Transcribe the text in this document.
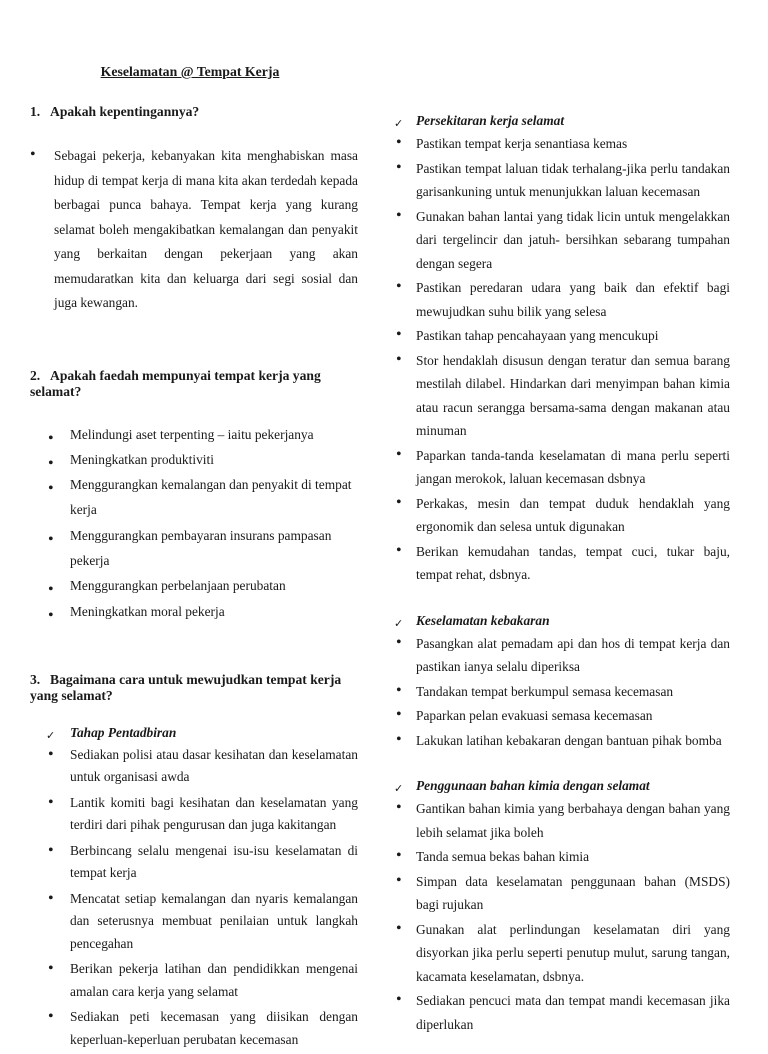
Keselamatan @ Tempat Kerja
1. Apakah kepentingannya?
•
Sebagai pekerja, kebanyakan kita menghabiskan masa hidup di tempat kerja di mana kita akan terdedah kepada berbagai punca bahaya. Tempat kerja yang kurang selamat boleh mengakibatkan kemalangan dan penyakit yang berkaitan dengan pekerjaan yang akan memudaratkan kita dan keluarga dari segi sosial dan juga kewangan.
2. Apakah faedah mempunyai tempat kerja yang selamat?
•
Melindungi aset terpenting – iaitu pekerjanya
•
Meningkatkan produktiviti
•
Menggurangkan kemalangan dan penyakit di tempat kerja
•
Menggurangkan pembayaran insurans pampasan pekerja
•
Menggurangkan perbelanjaan perubatan
•
Meningkatkan moral pekerja
3. Bagaimana cara untuk mewujudkan tempat kerja yang selamat?
✓
Tahap Pentadbiran
•
Sediakan polisi atau dasar kesihatan dan keselamatan untuk organisasi awda
•
Lantik komiti bagi kesihatan dan keselamatan yang terdiri dari pihak pengurusan dan juga kakitangan
•
Berbincang selalu mengenai isu-isu keselamatan di tempat kerja
•
Mencatat setiap kemalangan dan nyaris kemalangan dan seterusnya membuat penilaian untuk langkah pencegahan
•
Berikan pekerja latihan dan pendidikkan mengenai amalan cara kerja yang selamat
•
Sediakan peti kecemasan yang diisikan dengan keperluan-keperluan perubatan kecemasan
✓
Persekitaran kerja selamat
•
Pastikan tempat kerja senantiasa kemas
•
Pastikan tempat laluan tidak terhalang-jika perlu tandakan garisankuning untuk menunjukkan laluan kecemasan
•
Gunakan bahan lantai yang tidak licin untuk mengelakkan dari tergelincir dan jatuh- bersihkan sebarang tumpahan dengan segera
•
Pastikan peredaran udara yang baik dan efektif bagi mewujudkan suhu bilik yang selesa
•
Pastikan tahap pencahayaan yang mencukupi
•
Stor hendaklah disusun dengan teratur dan semua barang mestilah dilabel. Hindarkan dari menyimpan bahan kimia atau racun serangga bersama-sama dengan makanan atau minuman
•
Paparkan tanda-tanda keselamatan di mana perlu seperti jangan merokok, laluan kecemasan dsbnya
•
Perkakas, mesin dan tempat duduk hendaklah yang ergonomik dan selesa untuk digunakan
•
Berikan kemudahan tandas, tempat cuci, tukar baju, tempat rehat, dsbnya.
✓
Keselamatan kebakaran
•
Pasangkan alat pemadam api dan hos di tempat kerja dan pastikan ianya selalu diperiksa
•
Tandakan tempat berkumpul semasa kecemasan
•
Paparkan pelan evakuasi semasa kecemasan
•
Lakukan latihan kebakaran dengan bantuan pihak bomba
✓
Penggunaan bahan kimia dengan selamat
•
Gantikan bahan kimia yang berbahaya dengan bahan yang lebih selamat jika boleh
•
Tanda semua bekas bahan kimia
•
Simpan data keselamatan penggunaan bahan (MSDS) bagi rujukan
•
Gunakan alat perlindungan keselamatan diri yang disyorkan jika perlu seperti penutup mulut, sarung tangan, kacamata keselamatan, dsbnya.
•
Sediakan pencuci mata dan tempat mandi kecemasan jika diperlukan
